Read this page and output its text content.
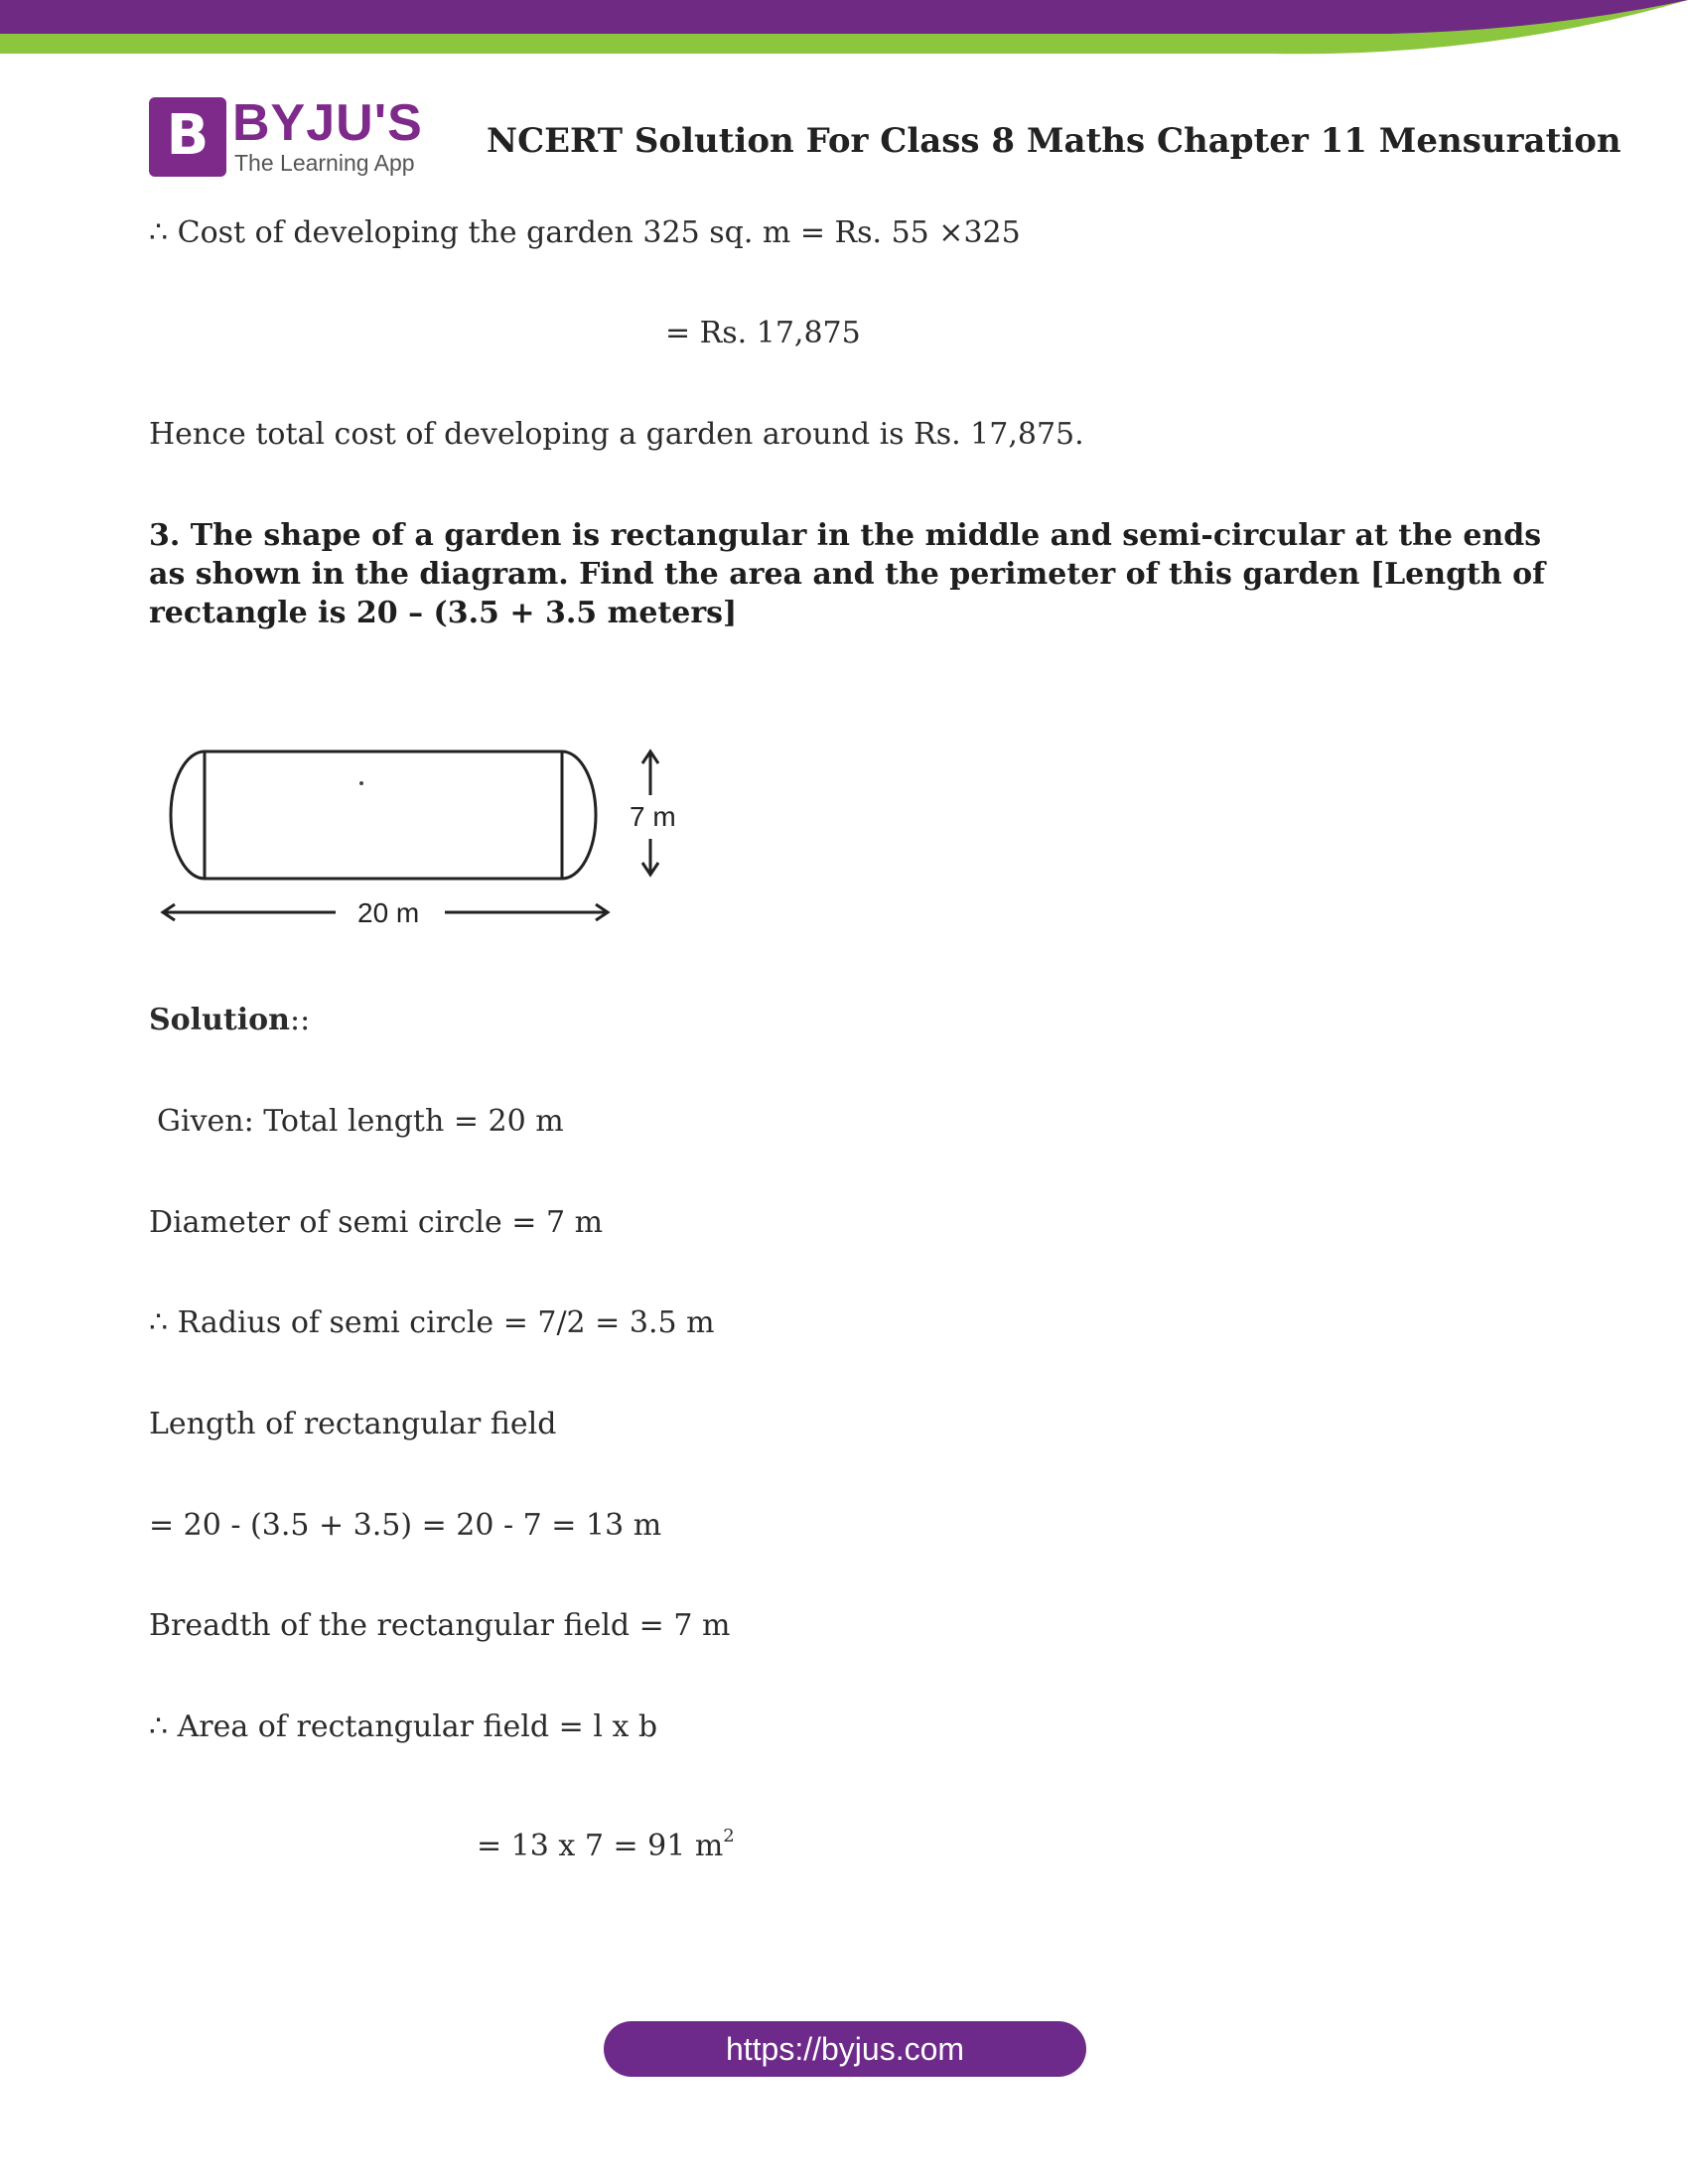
B BYJU'S
The Learning App
NCERT Solution For Class 8 Maths Chapter 11 Mensuration
∴ Cost of developing the garden 325 sq. m = Rs. 55 ×325
= Rs. 17,875
Hence total cost of developing a garden around is Rs. 17,875.
3. The shape of a garden is rectangular in the middle and semi-circular at the ends as shown in the diagram. Find the area and the perimeter of this garden [Length of rectangle is 20 – (3.5 + 3.5 meters]
7 m
20 m
Solution::
Given: Total length = 20 m
Diameter of semi circle = 7 m
∴ Radius of semi circle = 7/2 = 3.5 m
Length of rectangular field
= 20 - (3.5 + 3.5) = 20 - 7 = 13 m
Breadth of the rectangular field = 7 m
∴ Area of rectangular field = l x b
= 13 x 7 = 91 $m^2$
https://byjus.com
